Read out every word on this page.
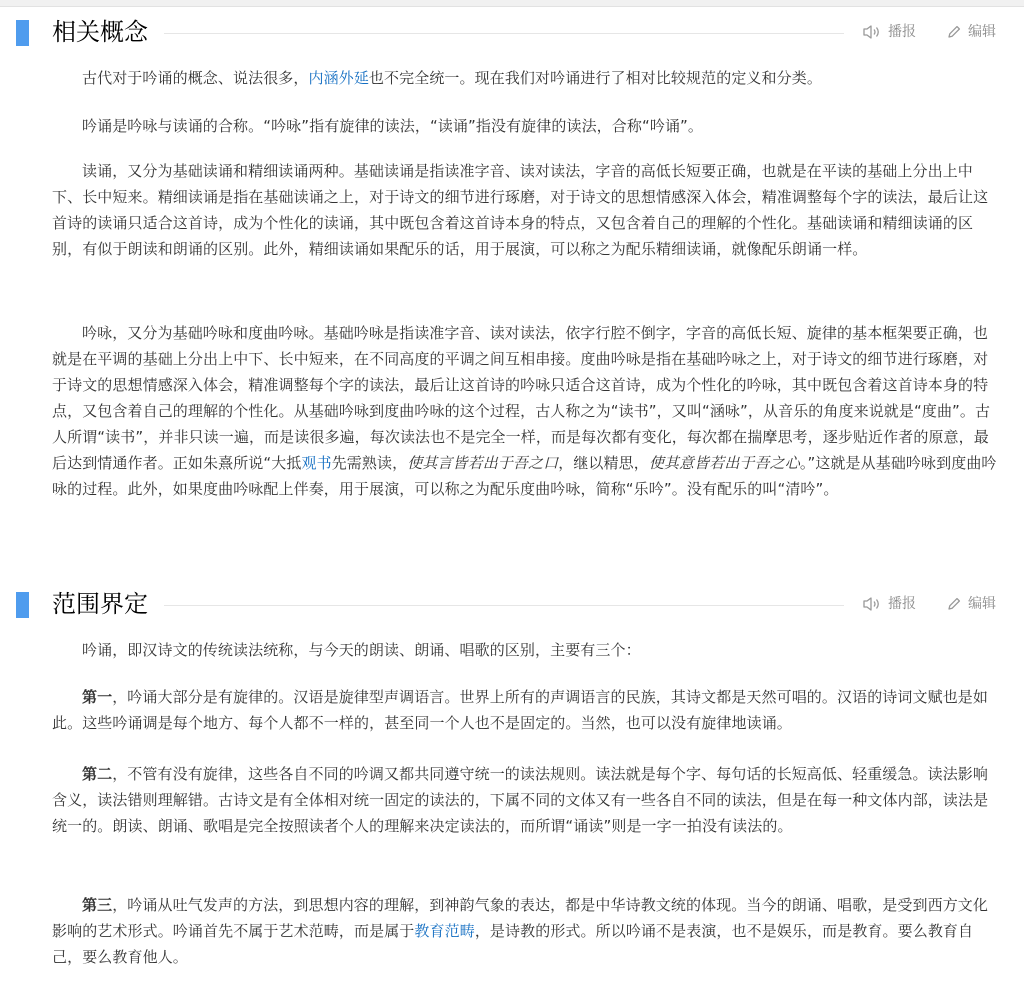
相关概念	播报	编辑
古代对于吟诵的概念、说法很多，内涵外延也不完全统一。现在我们对吟诵进行了相对比较规范的定义和分类。
吟诵是吟咏与读诵的合称。“吟咏”指有旋律的读法，“读诵”指没有旋律的读法，合称“吟诵”。
读诵，又分为基础读诵和精细读诵两种。基础读诵是指读准字音、读对读法，字音的高低长短要正确，也就是在平读的基础上分出上中下、长中短来。精细读诵是指在基础读诵之上，对于诗文的细节进行琢磨，对于诗文的思想情感深入体会，精准调整每个字的读法，最后让这首诗的读诵只适合这首诗，成为个性化的读诵，其中既包含着这首诗本身的特点，又包含着自己的理解的个性化。基础读诵和精细读诵的区别，有似于朗读和朗诵的区别。此外，精细读诵如果配乐的话，用于展演，可以称之为配乐精细读诵，就像配乐朗诵一样。
吟咏，又分为基础吟咏和度曲吟咏。基础吟咏是指读准字音、读对读法，依字行腔不倒字，字音的高低长短、旋律的基本框架要正确，也就是在平调的基础上分出上中下、长中短来，在不同高度的平调之间互相串接。度曲吟咏是指在基础吟咏之上，对于诗文的细节进行琢磨，对于诗文的思想情感深入体会，精准调整每个字的读法，最后让这首诗的吟咏只适合这首诗，成为个性化的吟咏，其中既包含着这首诗本身的特点，又包含着自己的理解的个性化。从基础吟咏到度曲吟咏的这个过程，古人称之为“读书”，又叫“涵咏”，从音乐的角度来说就是“度曲”。古人所谓“读书”，并非只读一遍，而是读很多遍，每次读法也不是完全一样，而是每次都有变化，每次都在揣摩思考，逐步贴近作者的原意，最后达到情通作者。正如朱熹所说“大抵观书先需熟读，使其言皆若出于吾之口，继以精思，使其意皆若出于吾之心。”这就是从基础吟咏到度曲吟咏的过程。此外，如果度曲吟咏配上伴奏，用于展演，可以称之为配乐度曲吟咏，简称“乐吟”。没有配乐的叫“清吟”。
范围界定	播报	编辑
吟诵，即汉诗文的传统读法统称，与今天的朗读、朗诵、唱歌的区别，主要有三个：
第一，吟诵大部分是有旋律的。汉语是旋律型声调语言。世界上所有的声调语言的民族，其诗文都是天然可唱的。汉语的诗词文赋也是如此。这些吟诵调是每个地方、每个人都不一样的，甚至同一个人也不是固定的。当然，也可以没有旋律地读诵。
第二，不管有没有旋律，这些各自不同的吟调又都共同遵守统一的读法规则。读法就是每个字、每句话的长短高低、轻重缓急。读法影响含义，读法错则理解错。古诗文是有全体相对统一固定的读法的，下属不同的文体又有一些各自不同的读法，但是在每一种文体内部，读法是统一的。朗读、朗诵、歌唱是完全按照读者个人的理解来决定读法的，而所谓“诵读”则是一字一拍没有读法的。
第三，吟诵从吐气发声的方法，到思想内容的理解，到神韵气象的表达，都是中华诗教文统的体现。当今的朗诵、唱歌，是受到西方文化影响的艺术形式。吟诵首先不属于艺术范畴，而是属于教育范畴，是诗教的形式。所以吟诵不是表演，也不是娱乐，而是教育。要么教育自己，要么教育他人。
